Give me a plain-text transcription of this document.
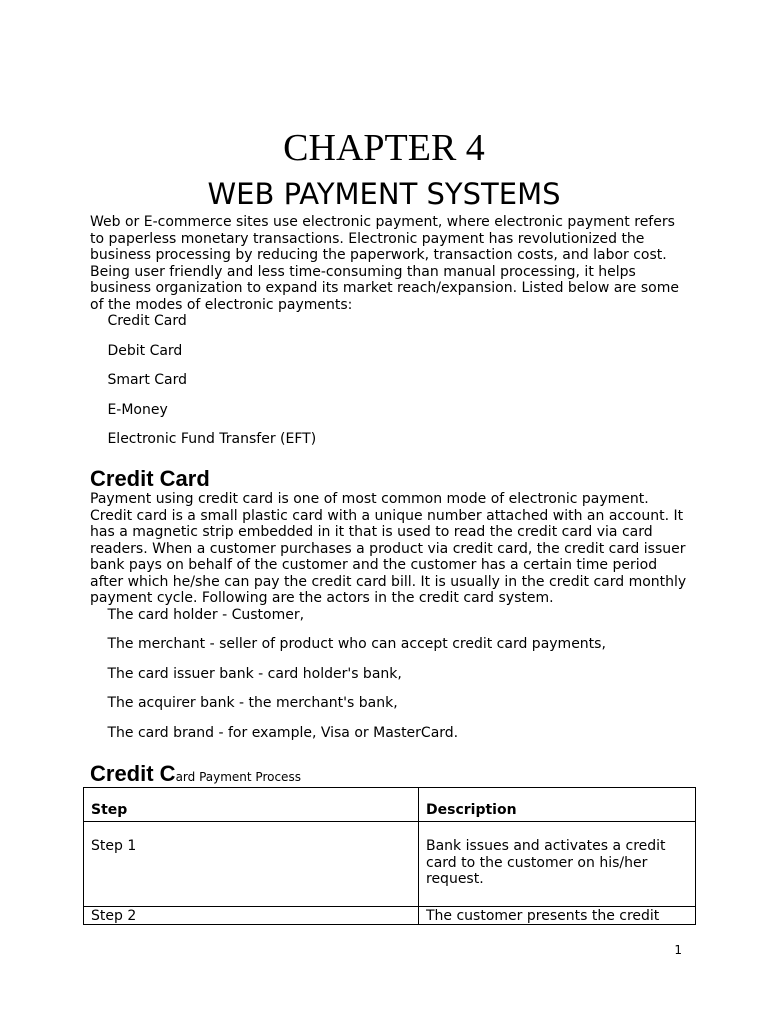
CHAPTER 4
WEB PAYMENT SYSTEMS

Web or E-commerce sites use electronic payment, where electronic payment refers to paperless monetary transactions. Electronic payment has revolutionized the business processing by reducing the paperwork, transaction costs, and labor cost. Being user friendly and less time-consuming than manual processing, it helps business organization to expand its market reach/expansion. Listed below are some of the modes of electronic payments:

Credit Card
Debit Card
Smart Card
E-Money
Electronic Fund Transfer (EFT)
Credit Card

Payment using credit card is one of most common mode of electronic payment. Credit card is a small plastic card with a unique number attached with an account. It has a magnetic strip embedded in it that is used to read the credit card via card readers. When a customer purchases a product via credit card, the credit card issuer bank pays on behalf of the customer and the customer has a certain time period after which he/she can pay the credit card bill. It is usually in the credit card monthly payment cycle. Following are the actors in the credit card system.

The card holder - Customer,
The merchant - seller of product who can accept credit card payments,
The card issuer bank - card holder's bank,
The acquirer bank - the merchant's bank,
The card brand - for example, Visa or MasterCard.
Credit Card Payment Process
Step	Description
Step 1	Bank issues and activates a credit card to the customer on his/her request.

Step 2	The customer presents the credit
1
